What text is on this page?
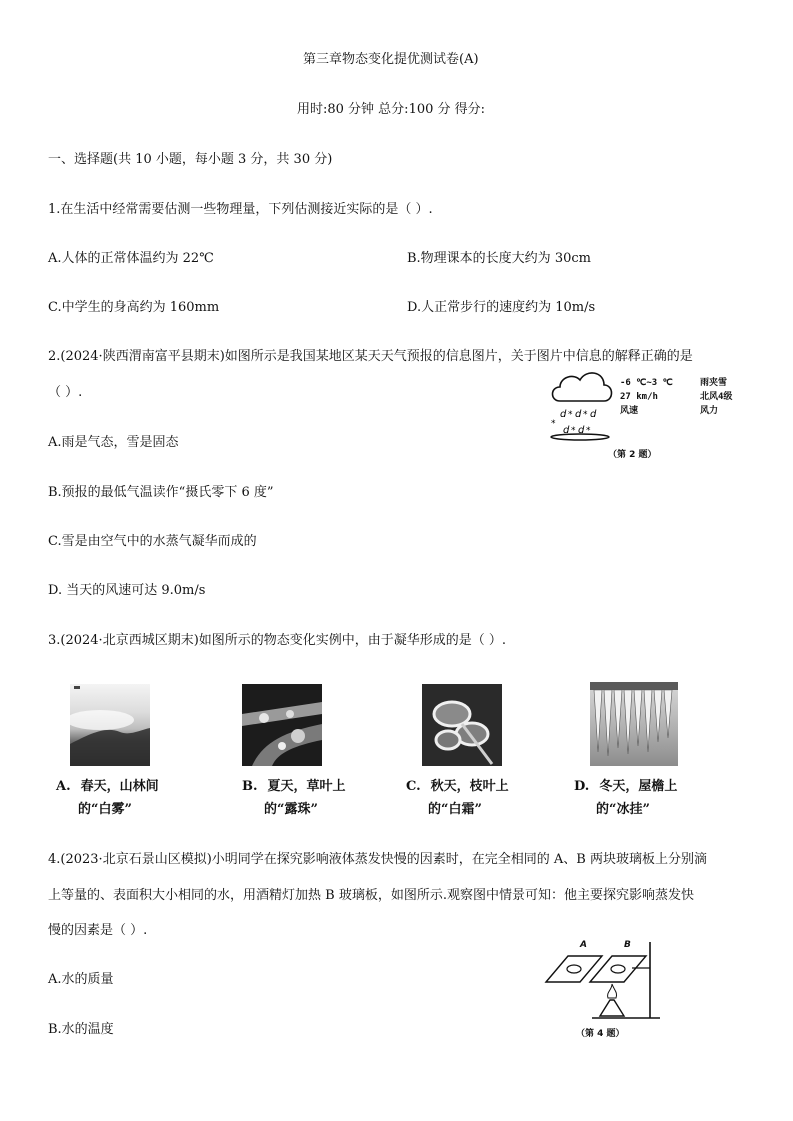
第三章物态变化提优测试卷(A)
用时:80 分钟 总分:100 分 得分:
一、选择题(共 10 小题，每小题 3 分，共 30 分)
1.在生活中经常需要估测一些物理量，下列估测接近实际的是（ ）.
A.人体的正常体温约为 22℃	B.物理课本的长度大约为 30cm
C.中学生的身高约为 160mm	D.人正常步行的速度约为 10m/s
2.(2024·陕西渭南富平县期末)如图所示是我国某地区某天天气预报的信息图片，关于图片中信息的解释正确的是
（ ）.
A.雨是气态，雪是固态
B.预报的最低气温读作“摄氏零下 6 度”
C.雪是由空气中的水蒸气凝华而成的
D. 当天的风速可达 9.0m/s
d * d * d
*
d * d *
-6 ℃~3 ℃	雨夹雪
27 km/h	北风4级
风速	风力
（第 2 题）
3.(2024·北京西城区期末)如图所示的物态变化实例中，由于凝华形成的是（ ）.
A. 春天，山林间
的“白雾”
B. 夏天，草叶上
的“露珠”
C. 秋天，枝叶上
的“白霜”
D. 冬天，屋檐上
的“冰挂”
4.(2023·北京石景山区模拟)小明同学在探究影响液体蒸发快慢的因素时，在完全相同的 A、B 两块玻璃板上分别滴
上等量的、表面积大小相同的水，用酒精灯加热 B 玻璃板，如图所示.观察图中情景可知：他主要探究影响蒸发快
慢的因素是（ ）.
A.水的质量
B.水的温度
A	B
（第 4 题）
